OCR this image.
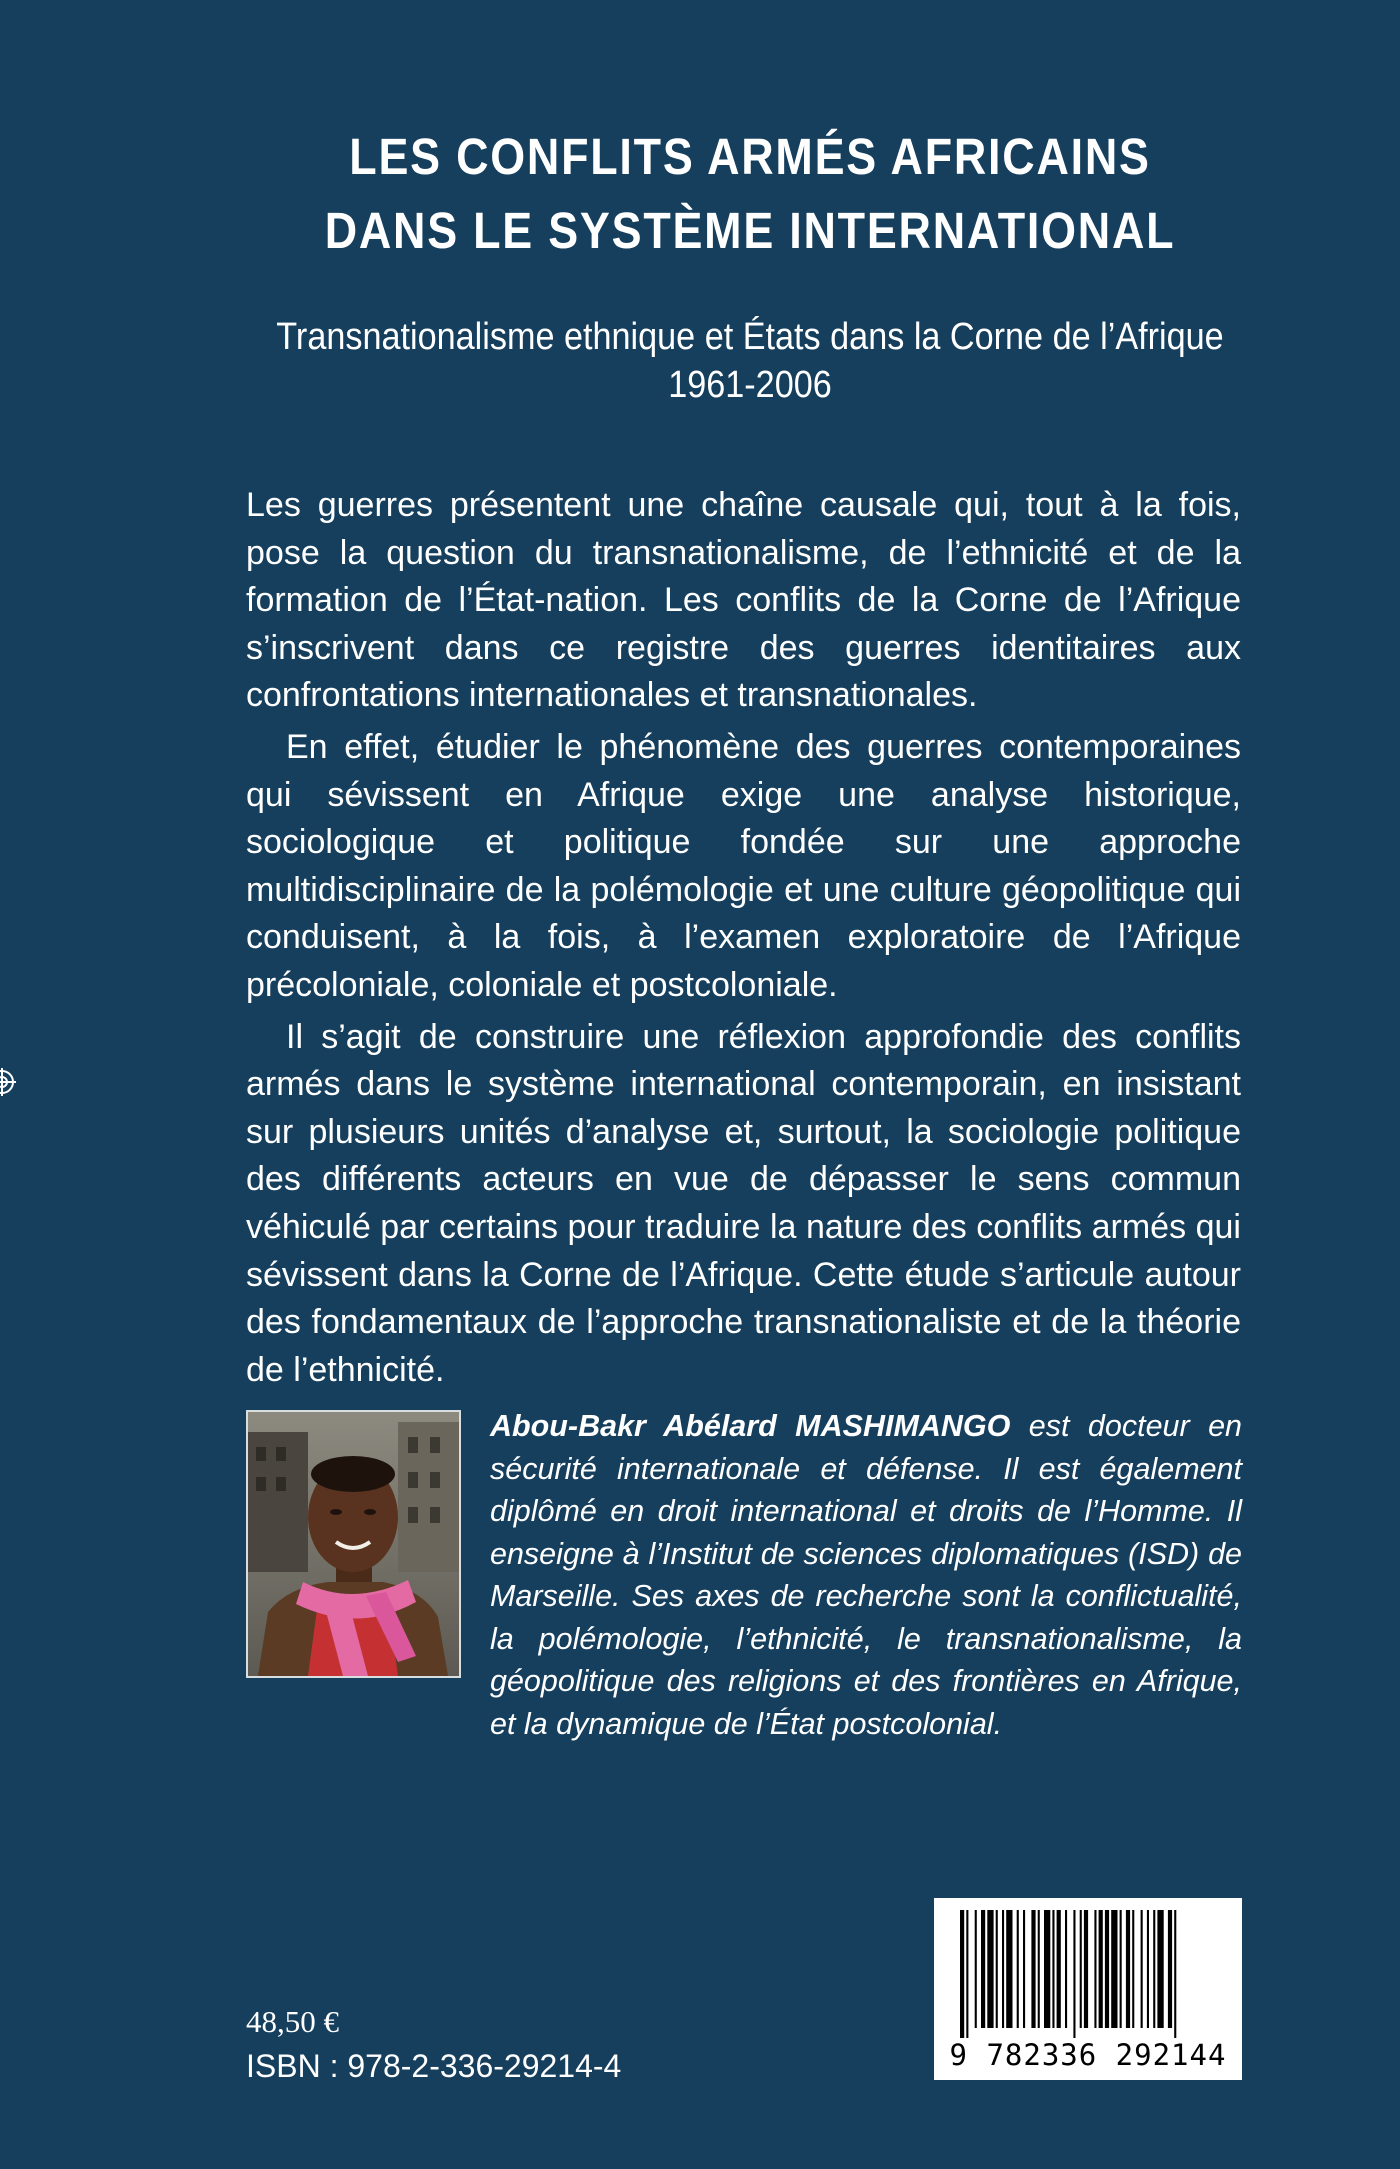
LES CONFLITS ARMÉS AFRICAINS
DANS LE SYSTÈME INTERNATIONAL
Transnationalisme ethnique et États dans la Corne de l’Afrique
1961-2006

Les guerres présentent une chaîne causale qui, tout à la fois, pose la question du transnationalisme, de l’ethnicité et de la formation de l’État-nation. Les conflits de la Corne de l’Afrique s’inscrivent dans ce registre des guerres identitaires aux confrontations internationales et transnationales.

En effet, étudier le phénomène des guerres contemporaines qui sévissent en Afrique exige une analyse historique, sociologique et politique fondée sur une approche multidisciplinaire de la polémologie et une culture géopolitique qui conduisent, à la fois, à l’examen exploratoire de l’Afrique précoloniale, coloniale et postcoloniale.

Il s’agit de construire une réflexion approfondie des conflits armés dans le système international contemporain, en insistant sur plusieurs unités d’analyse et, surtout, la sociologie politique des différents acteurs en vue de dépasser le sens commun véhiculé par certains pour traduire la nature des conflits armés qui sévissent dans la Corne de l’Afrique. Cette étude s’articule autour des fondamentaux de l’approche transnationaliste et de la théorie de l’ethnicité.

Abou-Bakr Abélard MASHIMANGO est docteur en sécurité internationale et défense. Il est également diplômé en droit international et droits de l’Homme. Il enseigne à l’Institut de sciences diplomatiques (ISD) de Marseille. Ses axes de recherche sont la conflictualité, la polémologie, l’ethnicité, le transnationalisme, la géopolitique des religions et des frontières en Afrique, et la dynamique de l’État postcolonial.
48,50 €
ISBN : 978-2-336-29214-4	9 782336 292144
